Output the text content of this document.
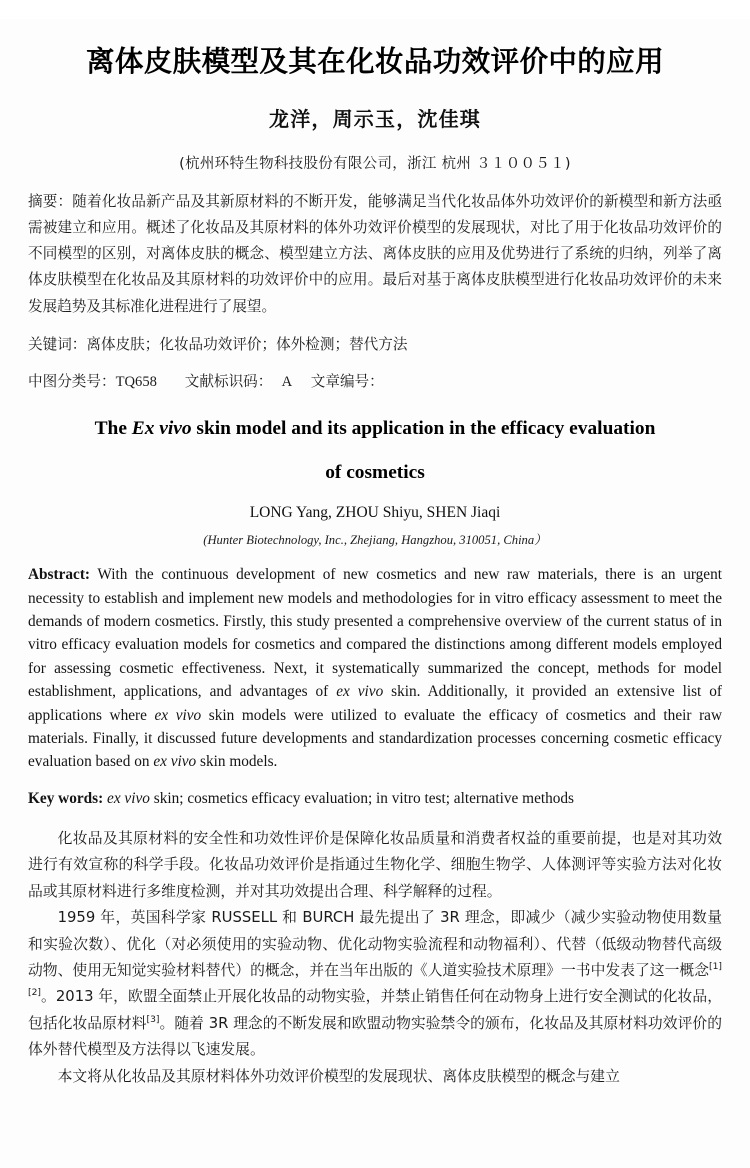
离体皮肤模型及其在化妆品功效评价中的应用
龙洋，周示玉，沈佳琪
(杭州环特生物科技股份有限公司，浙江 杭州 ３１００５１)
摘要：随着化妆品新产品及其新原材料的不断开发，能够满足当代化妆品体外功效评价的新模型和新方法亟需被建立和应用。概述了化妆品及其原材料的体外功效评价模型的发展现状，对比了用于化妆品功效评价的不同模型的区别，对离体皮肤的概念、模型建立方法、离体皮肤的应用及优势进行了系统的归纳，列举了离体皮肤模型在化妆品及其原材料的功效评价中的应用。最后对基于离体皮肤模型进行化妆品功效评价的未来发展趋势及其标准化进程进行了展望。
关键词：离体皮肤；化妆品功效评价；体外检测；替代方法
中图分类号：TQ658 文献标识码： A 文章编号：
The Ex vivo skin model and its application in the efficacy evaluation
of cosmetics
LONG Yang, ZHOU Shiyu, SHEN Jiaqi
(Hunter Biotechnology, Inc., Zhejiang, Hangzhou, 310051, China）
Abstract: With the continuous development of new cosmetics and new raw materials, there is an urgent necessity to establish and implement new models and methodologies for in vitro efficacy assessment to meet the demands of modern cosmetics. Firstly, this study presented a comprehensive overview of the current status of in vitro efficacy evaluation models for cosmetics and compared the distinctions among different models employed for assessing cosmetic effectiveness. Next, it systematically summarized the concept, methods for model establishment, applications, and advantages of ex vivo skin. Additionally, it provided an extensive list of applications where ex vivo skin models were utilized to evaluate the efficacy of cosmetics and their raw materials. Finally, it discussed future developments and standardization processes concerning cosmetic efficacy evaluation based on ex vivo skin models.
Key words: ex vivo skin; cosmetics efficacy evaluation; in vitro test; alternative methods

化妆品及其原材料的安全性和功效性评价是保障化妆品质量和消费者权益的重要前提，也是对其功效进行有效宣称的科学手段。化妆品功效评价是指通过生物化学、细胞生物学、人体测评等实验方法对化妆品或其原材料进行多维度检测，并对其功效提出合理、科学解释的过程。

1959 年，英国科学家 RUSSELL 和 BURCH 最先提出了 3R 理念，即减少（减少实验动物使用数量和实验次数）、优化（对必须使用的实验动物、优化动物实验流程和动物福利）、代替（低级动物替代高级动物、使用无知觉实验材料替代）的概念，并在当年出版的《人道实验技术原理》一书中发表了这一概念[1][2]。2013 年，欧盟全面禁止开展化妆品的动物实验，并禁止销售任何在动物身上进行安全测试的化妆品，包括化妆品原材料[3]。随着 3R 理念的不断发展和欧盟动物实验禁令的颁布，化妆品及其原材料功效评价的体外替代模型及方法得以飞速发展。

本文将从化妆品及其原材料体外功效评价模型的发展现状、离体皮肤模型的概念与建立
